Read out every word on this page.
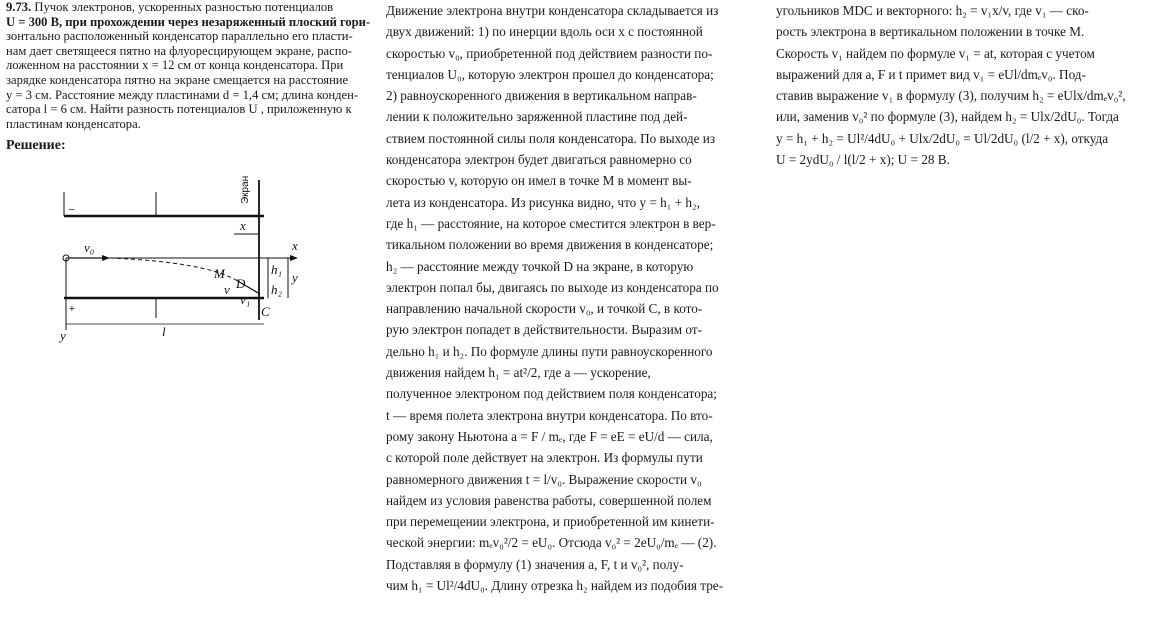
9.73. Пучок электронов, ускоренных разностью потенциалов
U = 300 В, при прохождении через незаряженный плоский гори-
зонтально расположенный конденсатор параллельно его пласти-
нам дает светящееся пятно на флуоресцирующем экране, распо-
ложенном на расстоянии x = 12 см от конца конденсатора. При
зарядке конденсатора пятно на экране смещается на расстояние
y = 3 см. Расстояние между пластинами d = 1,4 см; длина конден-
сатора l = 6 см. Найти разность потенциалов U , приложенную к
пластинам конденсатора.
Решение:
–
+
x
y
v₀
Экран
x
M
D
C
v
v₁
h₁
h₂
y
l
Движение электрона внутри конденсатора складывается из
двух движений: 1) по инерции вдоль оси x с постоянной
скоростью v₀, приобретенной под действием разности по-
тенциалов U₀, которую электрон прошел до конденсатора;
2) равноускоренного движения в вертикальном направ-
лении к положительно заряженной пластине под дей-
ствием постоянной силы поля конденсатора. По выходе из
конденсатора электрон будет двигаться равномерно со
скоростью v, которую он имел в точке M в момент вы-
лета из конденсатора. Из рисунка видно, что y = h₁ + h₂,
где h₁ — расстояние, на которое сместится электрон в вер-
тикальном положении во время движения в конденсаторе;
h₂ — расстояние между точкой D на экране, в которую
электрон попал бы, двигаясь по выходе из конденсатора по
направлению начальной скорости v₀, и точкой C, в кото-
рую электрон попадет в действительности. Выразим от-
дельно h₁ и h₂. По формуле длины пути равноускоренного
движения найдем h₁ = at²/2, где a — ускорение,
полученное электроном под действием поля конденсатора;
t — время полета электрона внутри конденсатора. По вто-
рому закону Ньютона a = F / mₑ, где F = eE = eU/d — сила,
с которой поле действует на электрон. Из формулы пути
равномерного движения t = l/v₀. Выражение скорости v₀
найдем из условия равенства работы, совершенной полем
при перемещении электрона, и приобретенной им кинети-
ческой энергии: mₑv₀²/2 = eU₀. Отсюда v₀² = 2eU₀/mₑ — (2).
Подставляя в формулу (1) значения a, F, t и v₀², полу-
чим h₁ = Ul²/4dU₀. Длину отрезка h₂ найдем из подобия тре-
угольников MDC и векторного: h₂ = v₁x/v, где v₁ — ско-
рость электрона в вертикальном положении в точке M.
Скорость v₁ найдем по формуле v₁ = at, которая с учетом
выражений для a, F и t примет вид v₁ = eUl/dmₑv₀. Под-
ставив выражение v₁ в формулу (3), получим h₂ = eUlx/dmₑv₀²,
или, заменив v₀² по формуле (3), найдем h₂ = Ulx/2dU₀. Тогда
y = h₁ + h₂ = Ul²/4dU₀ + Ulx/2dU₀ = Ul/2dU₀ (l/2 + x), откуда
U = 2ydU₀ / l(l/2 + x); U = 28 В.
